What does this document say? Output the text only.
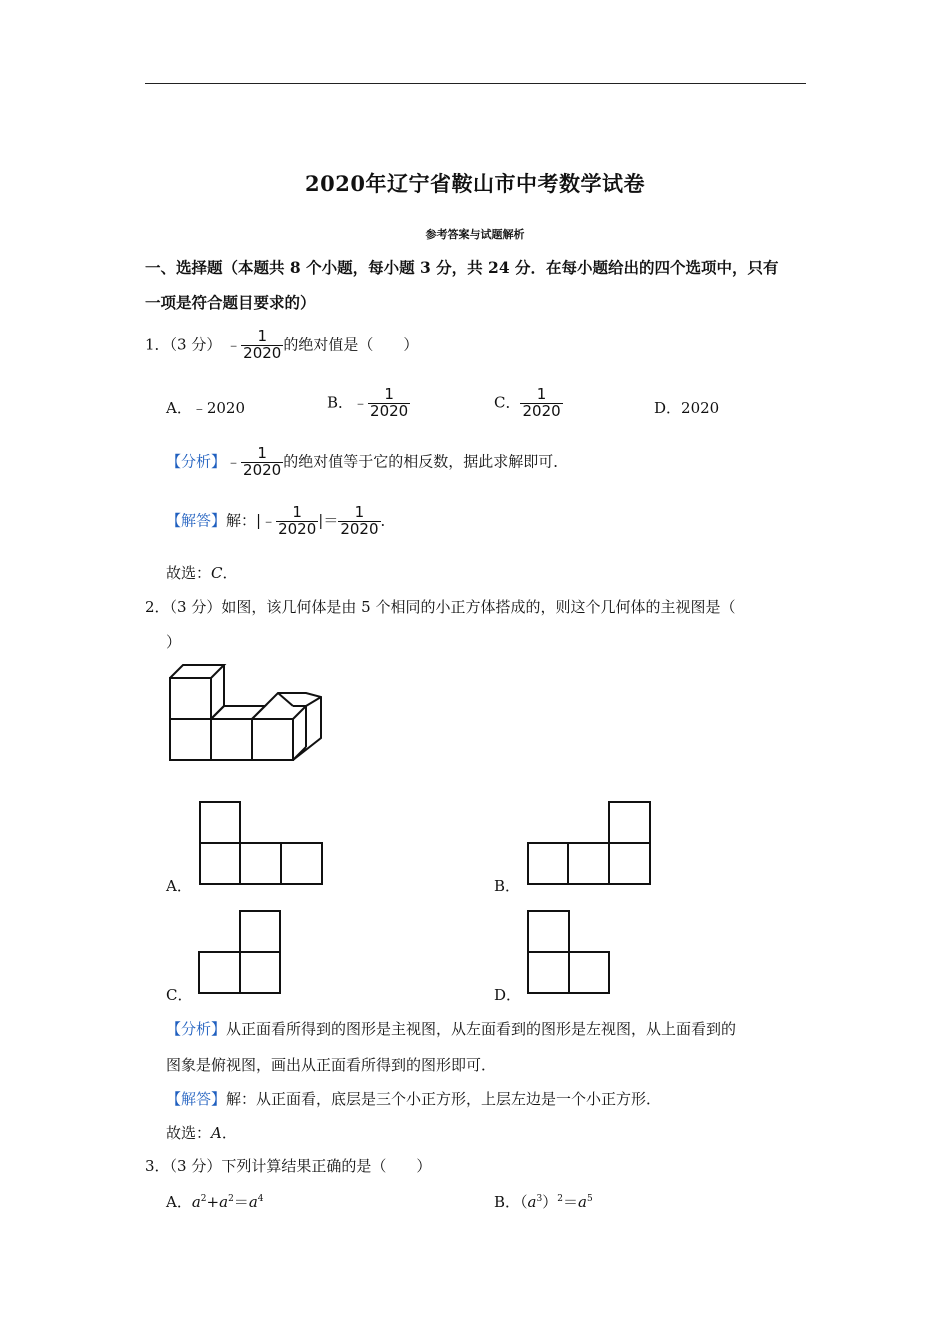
2020年辽宁省鞍山市中考数学试卷
参考答案与试题解析
一、选择题（本题共 8 个小题，每小题 3 分，共 24 分．在每小题给出的四个选项中，只有
一项是符合题目要求的）
1．（3 分） ﹣ $\frac{1}{2020}$ 的绝对值是（　　）
A．﹣2020	B．﹣ $\frac{1}{2020}$	C． $\frac{1}{2020}$	D．2020
【分析】﹣ $\frac{1}{2020}$ 的绝对值等于它的相反数，据此求解即可．
【解答】解：|﹣ $\frac{1}{2020}$ |＝ $\frac{1}{2020}$ ．
故选：C．
2．（3 分）如图，该几何体是由 5 个相同的小正方体搭成的，则这个几何体的主视图是（
）
A．	B．
C．	D．
【分析】从正面看所得到的图形是主视图，从左面看到的图形是左视图，从上面看到的
图象是俯视图，画出从正面看所得到的图形即可．
【解答】解：从正面看，底层是三个小正方形，上层左边是一个小正方形．
故选：A．
3．（3 分）下列计算结果正确的是（　　）
A．$a^2+a^2=a^4$	B．$(a^3)^2=a^5$
